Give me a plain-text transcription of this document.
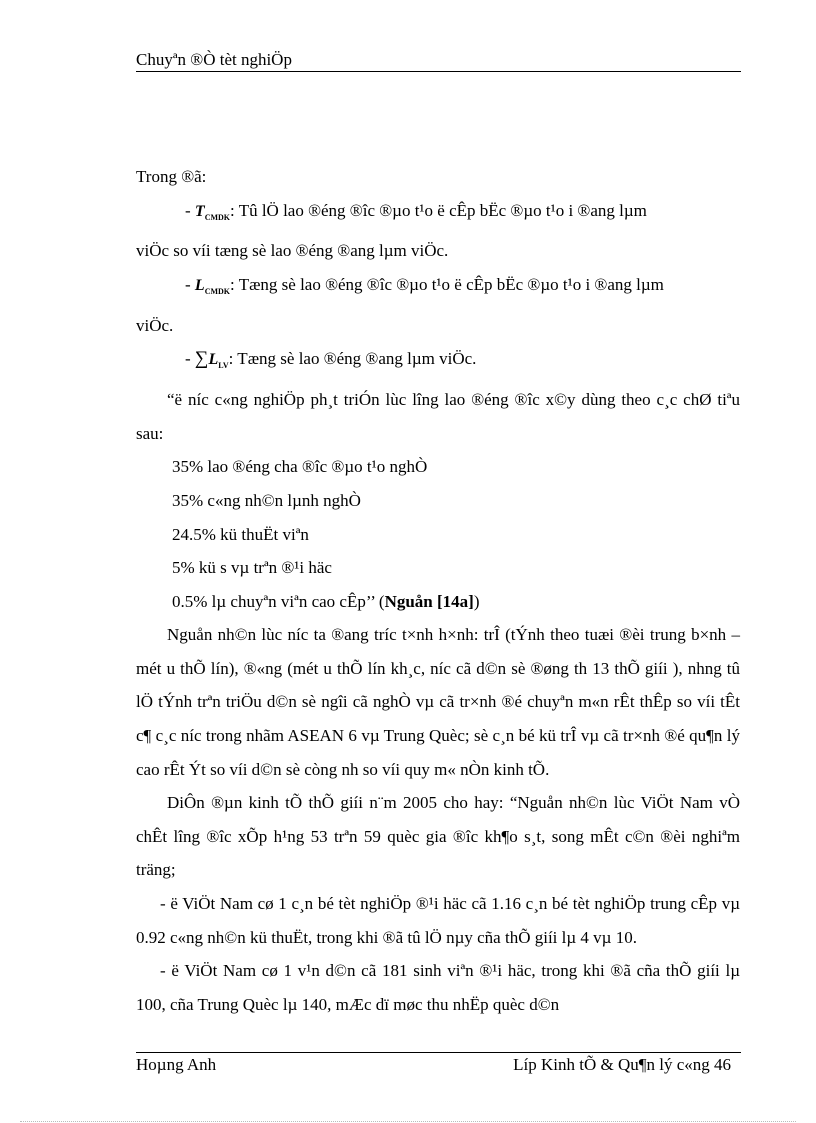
Chuyªn ®Ò tèt nghiÖp

Trong ®ã:

- $T_{CMDK}$: Tû lÖ lao ®éng ®îc ®µo t¹o ë cÊp bËc ®µo t¹o i ®ang lµm

viÖc so víi tæng sè lao ®éng ®ang lµm viÖc.

- $L_{CMDK}$: Tæng sè lao ®éng ®îc ®µo t¹o ë cÊp bËc ®µo t¹o i ®ang lµm

viÖc.

- $\sum L_{LV}$: Tæng sè lao ®éng ®ang lµm viÖc.

“ë níc c«ng nghiÖp ph¸t triÓn lùc lîng lao ®éng ®îc x©y dùng theo c¸c chØ tiªu sau:

35% lao ®éng cha ®îc ®µo t¹o nghÒ

35% c«ng nh©n lµnh nghÒ

24.5% kü thuËt viªn

5% kü s vµ trªn ®¹i häc

0.5% lµ chuyªn viªn cao cÊp’’ (Nguån [14a])

Nguån nh©n lùc níc ta ®ang tríc t×nh h×nh: trÎ (tÝnh theo tuæi ®èi trung b×nh – mét u thÕ lín), ®«ng (mét u thÕ lín kh¸c, níc cã d©n sè ®øng th 13 thÕ giíi ), nhng tû lÖ tÝnh trªn triÖu d©n sè ngîi cã nghÒ vµ cã tr×nh ®é chuyªn m«n rÊt thÊp so víi tÊt c¶ c¸c níc trong nhãm ASEAN 6 vµ Trung Quèc; sè c¸n bé kü trÎ vµ cã tr×nh ®é qu¶n lý cao rÊt Ýt so víi d©n sè còng nh so víi quy m« nÒn kinh tÕ.

DiÔn ®µn kinh tÕ thÕ giíi n¨m 2005 cho hay: “Nguån nh©n lùc ViÖt Nam vÒ chÊt lîng ®îc xÕp h¹ng 53 trªn 59 quèc gia ®îc kh¶o s¸t, song mÊt c©n ®èi nghiªm träng;

- ë ViÖt Nam cø 1 c¸n bé tèt nghiÖp ®¹i häc cã 1.16 c¸n bé tèt nghiÖp trung cÊp vµ 0.92 c«ng nh©n kü thuËt, trong khi ®ã tû lÖ nµy cña thÕ giíi lµ 4 vµ 10.

- ë ViÖt Nam cø 1 v¹n d©n cã 181 sinh viªn ®¹i häc, trong khi ®ã cña thÕ giíi lµ 100, cña Trung Quèc lµ 140, mÆc dï møc thu nhËp quèc d©n

Hoµng Anh	Líp Kinh tÕ & Qu¶n lý c«ng 46
